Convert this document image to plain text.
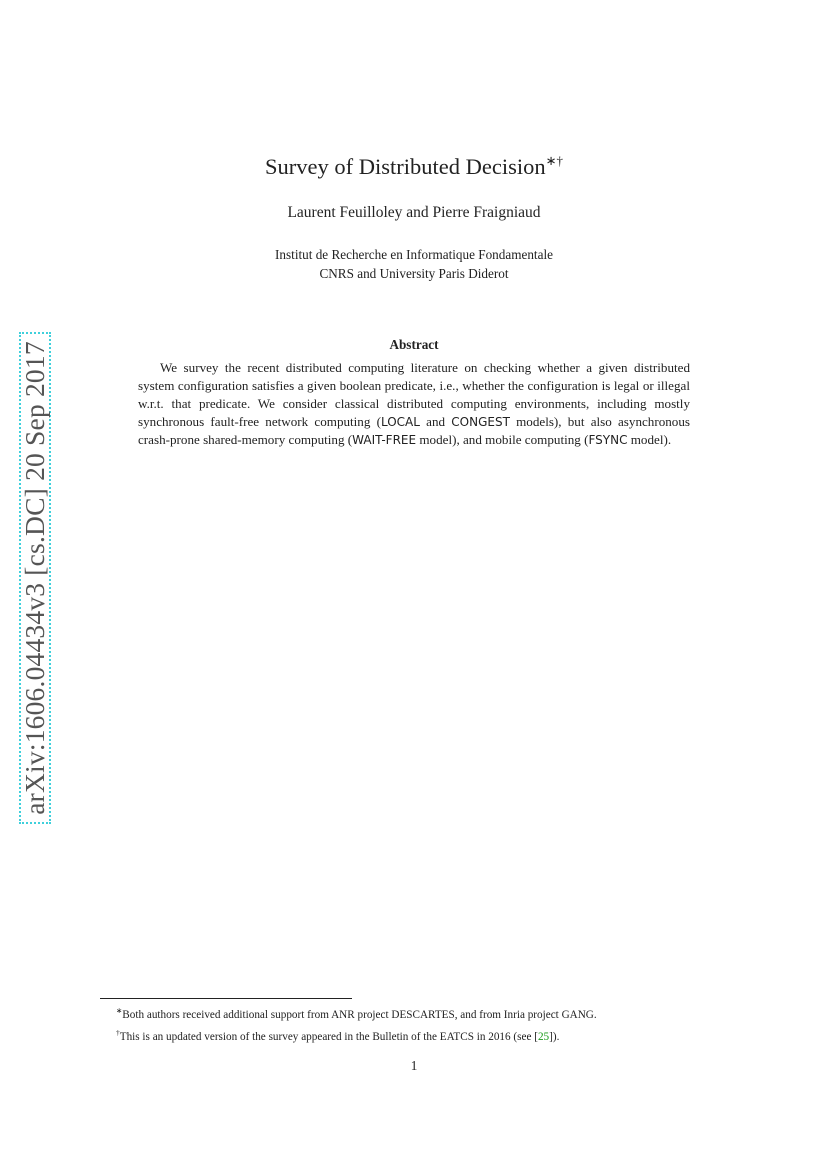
arXiv:1606.04434v3 [cs.DC] 20 Sep 2017
Survey of Distributed Decision∗†
Laurent Feuilloley and Pierre Fraigniaud
Institut de Recherche en Informatique Fondamentale
CNRS and University Paris Diderot
Abstract

We survey the recent distributed computing literature on checking whether a given distributed system configuration satisfies a given boolean predicate, i.e., whether the configuration is legal or illegal w.r.t. that predicate. We consider classical distributed computing environments, including mostly synchronous fault-free network computing (LOCAL and CONGEST models), but also asynchronous crash-prone shared-memory computing (WAIT-FREE model), and mobile computing (FSYNC model).

∗Both authors received additional support from ANR project DESCARTES, and from Inria project GANG.

†This is an updated version of the survey appeared in the Bulletin of the EATCS in 2016 (see [25]).

1
